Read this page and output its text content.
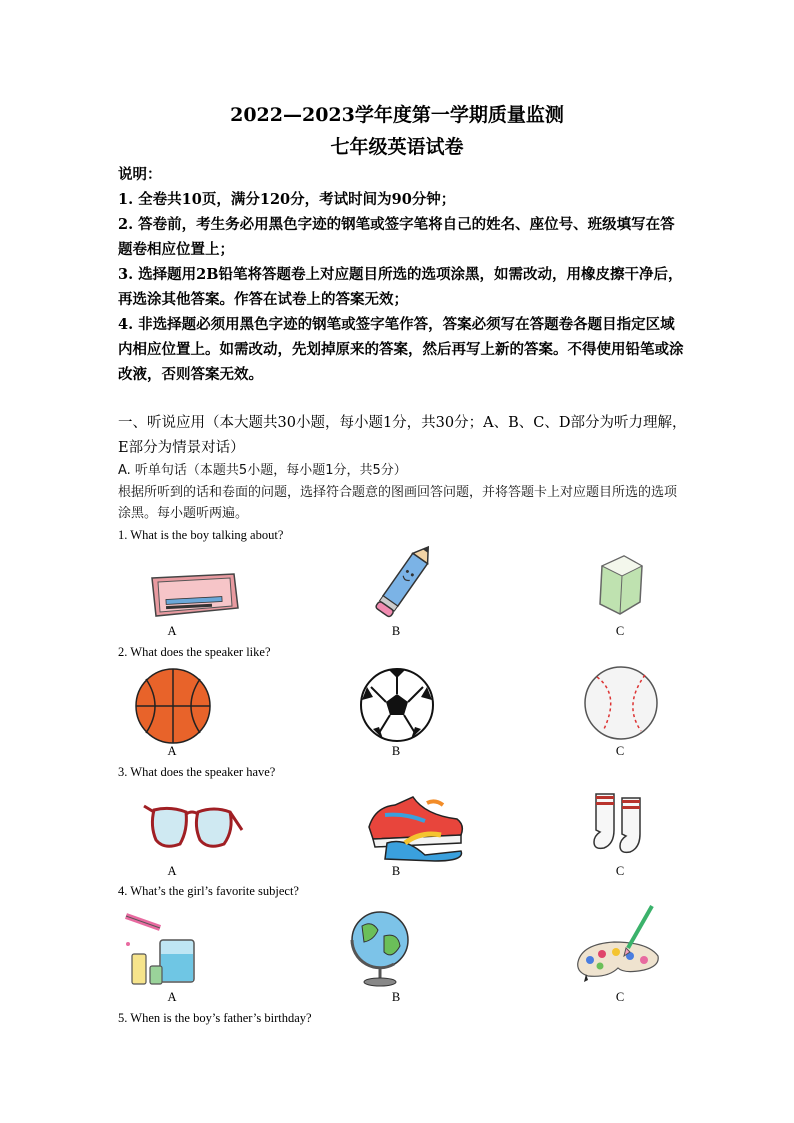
2022—2023学年度第一学期质量监测
七年级英语试卷
说明：
1. 全卷共10页，满分120分，考试时间为90分钟；
2. 答卷前，考生务必用黑色字迹的钢笔或签字笔将自己的姓名、座位号、班级填写在答题卷相应位置上；
3. 选择题用2B铅笔将答题卷上对应题目所选的选项涂黑，如需改动，用橡皮擦干净后，再选涂其他答案。作答在试卷上的答案无效；
4. 非选择题必须用黑色字迹的钢笔或签字笔作答，答案必须写在答题卷各题目指定区域内相应位置上。如需改动，先划掉原来的答案，然后再写上新的答案。不得使用铅笔或涂改液，否则答案无效。
一、听说应用（本大题共30小题，每小题1分，共30分；A、B、C、D部分为听力理解，E部分为情景对话）
A. 听单句话（本题共5小题，每小题1分，共5分）
根据所听到的话和卷面的问题，选择符合题意的图画回答问题，并将答题卡上对应题目所选的选项涂黑。每小题听两遍。
1. What is the boy talking about?
A	B	C
2. What does the speaker like?
A	B	C
3. What does the speaker have?
A	B	C
4. What’s the girl’s favorite subject?
A	B	C
5. When is the boy’s father’s birthday?
